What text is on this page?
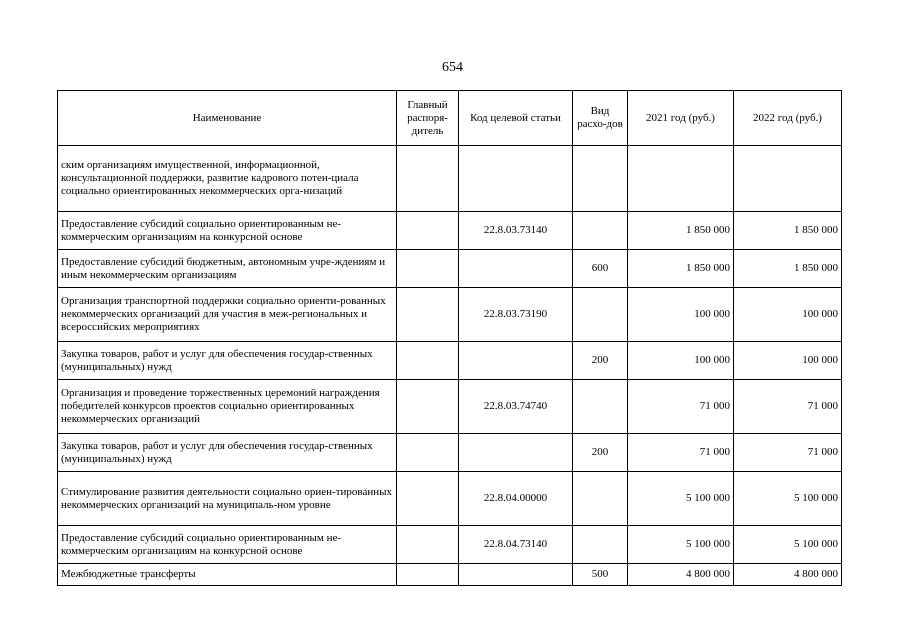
654
Наименование	Главный распоря-дитель	Код целевой статьи	Вид расхо-дов	2021 год (руб.)	2022 год (руб.)
ским организациям имущественной, информационной, консультационной поддержки, развитие кадрового потен-циала социально ориентированных некоммерческих орга-низаций					
Предоставление субсидий социально ориентированным не-коммерческим организациям на конкурсной основе		22.8.03.73140		1 850 000	1 850 000
Предоставление субсидий бюджетным, автономным учре-ждениям и иным некоммерческим организациям			600	1 850 000	1 850 000
Организация транспортной поддержки социально ориенти-рованных некоммерческих организаций для участия в меж-региональных и всероссийских мероприятиях		22.8.03.73190		100 000	100 000
Закупка товаров, работ и услуг для обеспечения государ-ственных (муниципальных) нужд			200	100 000	100 000
Организация и проведение торжественных церемоний награждения победителей конкурсов проектов социально ориентированных некоммерческих организаций		22.8.03.74740		71 000	71 000
Закупка товаров, работ и услуг для обеспечения государ-ственных (муниципальных) нужд			200	71 000	71 000
Стимулирование развития деятельности социально ориен-тированных некоммерческих организаций на муниципаль-ном уровне		22.8.04.00000		5 100 000	5 100 000
Предоставление субсидий социально ориентированным не-коммерческим организациям на конкурсной основе		22.8.04.73140		5 100 000	5 100 000
Межбюджетные трансферты			500	4 800 000	4 800 000
